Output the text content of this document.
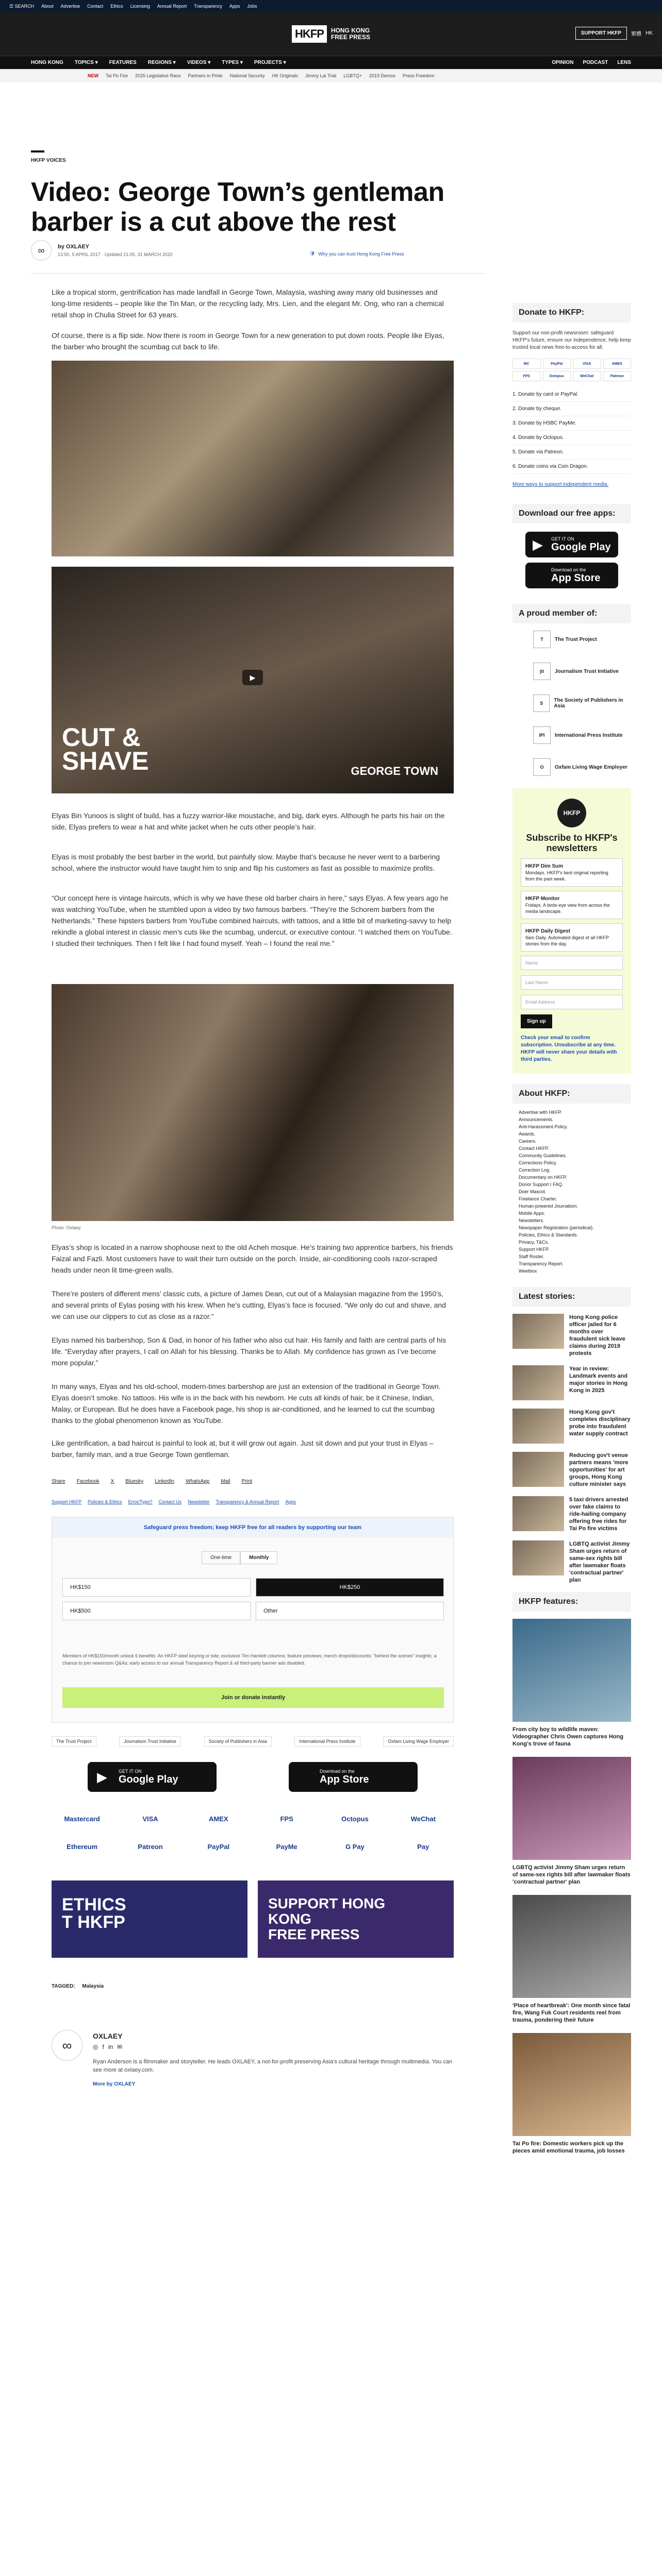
☰ SEARCH About Advertise Contact Ethics Licensing Annual Report Transparency Apps Jobs
HKFP	HONG KONG
FREE PRESS
SUPPORT HKFP	繁體 HK
HONG KONG TOPICS ▾ FEATURES REGIONS ▾ VIDEOS ▾ TYPES ▾ PROJECTS ▾	OPINION PODCAST LENS
NEW Tai Po Fire 2025 Legislative Race Partners in Pride National Security HK Originals Jimmy Lai Trial LGBTQ+ 2019 Demos Press Freedom
HKFP VOICES
Video: George Town’s gentleman barber is a cut above the rest
∞	by OXLAEY
13:50, 5 APRIL 2017 · Updated 21:05, 31 MARCH 2020	🛡 Why you can trust Hong Kong Free Press

Like a tropical storm, gentrification has made landfall in George Town, Malaysia, washing away many old businesses and long-time residents – people like the Tin Man, or the recycling lady, Mrs. Lien, and the elegant Mr. Ong, who ran a chemical retail shop in Chulia Street for 63 years.

Of course, there is a flip side. Now there is room in George Town for a new generation to put down roots. People like Elyas, the barber who brought the scumbag cut back to life.

CUT &
SHAVE	GEORGE TOWN
▶

Elyas Bin Yunoos is slight of build, has a fuzzy warrior-like moustache, and big, dark eyes. Although he parts his hair on the side, Elyas prefers to wear a hat and white jacket when he cuts other people’s hair.

Elyas is most probably the best barber in the world, but painfully slow. Maybe that’s because he never went to a barbering school, where the instructor would have taught him to snip and flip his customers as fast as possible to maximize profits.

“Our concept here is vintage haircuts, which is why we have these old barber chairs in here,” says Elyas. A few years ago he was watching YouTube, when he stumbled upon a video by two famous barbers. “They’re the Schorem barbers from the Netherlands.” These hipsters barbers from YouTube combined haircuts, with tattoos, and a little bit of marketing-savvy to help rekindle a global interest in classic men’s cuts like the scumbag, undercut, or executive contour. “I watched them on YouTube. I studied their techniques. Then I felt like I had found myself. Yeah – I found the real me.”

Photo: Oxlaey

Elyas’s shop is located in a narrow shophouse next to the old Acheh mosque. He’s training two apprentice barbers, his friends Faizal and Fazli. Most customers have to wait their turn outside on the porch. Inside, air-conditioning cools razor-scraped heads under neon lit time-green walls.

There’re posters of different mens’ classic cuts, a picture of James Dean, cut out of a Malaysian magazine from the 1950’s, and several prints of Eylas posing with his krew. When he’s cutting, Elyas’s face is focused. “We only do cut and shave, and we can use our clippers to cut as close as a razor.”

Elyas named his barbershop, Son & Dad, in honor of his father who also cut hair. His family and faith are central parts of his life. “Everyday after prayers, I call on Allah for his blessing. Thanks be to Allah. My confidence has grown as I’ve become more popular.”

In many ways, Elyas and his old-school, modern-times barbershop are just an extension of the traditional in George Town. Elyas doesn’t smoke. No tattoos. His wife is in the back with his newborn. He cuts all kinds of hair, be it Chinese, Indian, Malay, or European. But he does have a Facebook page, his shop is air-conditioned, and he learned to cut the scumbag thanks to the global phenomenon known as YouTube.

Like gentrification, a bad haircut is painful to look at, but it will grow out again. Just sit down and put your trust in Elyas – barber, family man, and a true George Town gentleman.

Share Facebook X Bluesky LinkedIn WhatsApp Mail Print
Support HKFP Policies & Ethics Error/Typo? Contact Us Newsletter Transparency & Annual Report Apps
Safeguard press freedom; keep HKFP free for all readers by supporting our team
One-time	Monthly
HK$150	HK$250
HK$500	Other
Members of HK$150/month unlock 6 benefits: An HKFP steel keyring or tote; exclusive Tim Hamlett columns; feature previews; merch drops/discounts; "behind the scenes" insights; a chance to join newsroom Q&As; early access to our annual Transparency Report & all third-party banner ads disabled.
Join or donate instantly
The Trust Project	Journalism Trust Initiative	Society of Publishers in Asia	International Press Institute	Oxfam Living Wage Employer
▶ GET IT ON
Google Play
Download on the
App Store
Mastercard	VISA	AMEX	FPS	Octopus	WeChat
Ethereum	Patreon	PayPal	PayMe	G Pay	Pay
ETHICS
T HKFP
SUPPORT HONG
KONG
FREE PRESS
TAGGED: Malaysia
∞
OXLAEY
◎ f in ✉
Ryan Anderson is a filmmaker and storyteller. He leads OXLAEY, a not-for-profit preserving Asia's cultural heritage through multimedia. You can see more at oxlaey.com.
More by OXLAEY
Donate to HKFP:

Support our non-profit newsroom: safeguard HKFP's future, ensure our independence, help keep trusted local news free-to-access for all.

MC	PayPal	VISA	AMEX
FPS	Octopus	WeChat	Patreon
1. Donate by card or PayPal.
2. Donate by cheque.
3. Donate by HSBC PayMe.
4. Donate by Octopus.
5. Donate via Patreon.
6. Donate coins via Coin Dragon.
More ways to support independent media.
Download our free apps:
▶ GET IT ON
Google Play
Download on the
App Store
A proud member of:
T	The Trust Project
jti	Journalism Trust Initiative
S	The Society of Publishers in Asia
IPI	International Press Institute
O	Oxfam Living Wage Employer
HKFP
Subscribe to HKFP's newsletters
HKFP Dim Sum
Mondays. HKFP's best original reporting from the past week.
HKFP Monitor
Fridays. A birds-eye view from across the media landscape.
HKFP Daily Digest
9am Daily. Automated digest of all HKFP stories from the day.
Name
Last Name
Email Address
Sign up

Check your email to confirm subscription. Unsubscribe at any time. HKFP will never share your details with third parties.

About HKFP:
Advertise with HKFP.
Announcements.
Anti-Harassment Policy.
Awards.
Careers.
Contact HKFP.
Community Guidelines.
Corrections Policy.
Correction Log.
Documentary on HKFP.
Donor Support / FAQ.
Doer Mascot.
Freelance Charter.
Human-powered Journalism.
Mobile Apps.
Newsletters.
Newspaper Registration (periodical).
Policies, Ethics & Standards.
Privacy, T&Cs.
Support HKFP.
Staff Roster.
Transparency Report.
Weetbox
Latest stories:
Hong Kong police officer jailed for 6 months over fraudulent sick leave claims during 2019 protests
Year in review: Landmark events and major stories in Hong Kong in 2025
Hong Kong gov't completes disciplinary probe into fraudulent water supply contract
Reducing gov't venue partners means 'more opportunities' for art groups, Hong Kong culture minister says
5 taxi drivers arrested over fake claims to ride-hailing company offering free rides for Tai Po fire victims
LGBTQ activist Jimmy Sham urges return of same-sex rights bill after lawmaker floats 'contractual partner' plan
HKFP features:
From city boy to wildlife maven: Videographer Chris Owen captures Hong Kong's trove of fauna
LGBTQ activist Jimmy Sham urges return of same-sex rights bill after lawmaker floats 'contractual partner' plan
'Place of heartbreak': One month since fatal fire, Wang Fuk Court residents reel from trauma, pondering their future
Tai Po fire: Domestic workers pick up the pieces amid emotional trauma, job losses
